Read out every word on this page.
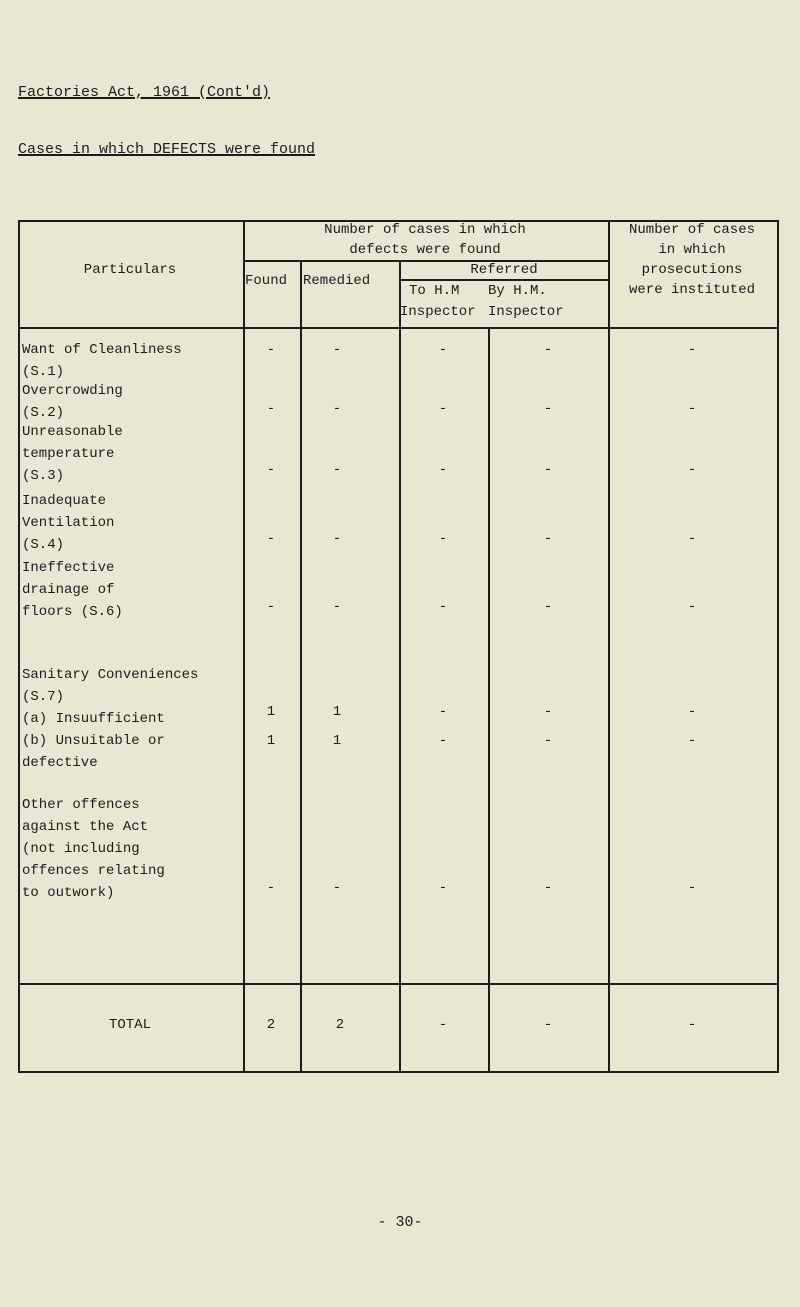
Factories Act, 1961 (Cont'd)
Cases in which DEFECTS were found
Particulars
Number of cases in which
defects were found
Found Remedied
Referred
To H.M By H.M.
Inspector Inspector
Number of cases
in which
prosecutions
were instituted
Want of Cleanliness
(S.1)
-	-	-	-	-
Overcrowding
(S.2)	-	-	-	-	-
Unreasonable
temperature
(S.3)	-	-	-	-	-
Inadequate
Ventilation
(S.4)	-	-	-	-	-
Ineffective
drainage of
floors (S.6)	-	-	-	-	-
Sanitary Conveniences
(S.7)
(a) Insuufficient	1	1	-	-	-
(b) Unsuitable or
defective
1	1	-	-	-
Other offences
against the Act
(not including
offences relating
to outwork)	-	-	-	-	-
TOTAL	2	2	-	-	-
- 30-
